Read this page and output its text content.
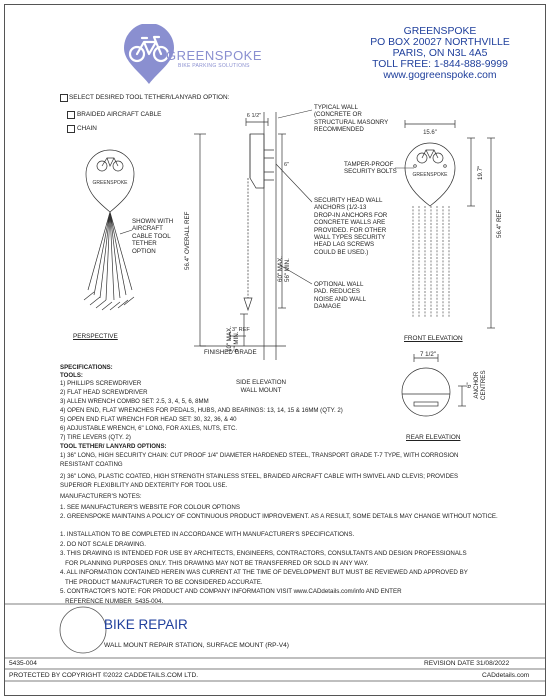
GREENSPOKE
BIKE PARKING SOLUTIONS
GREENSPOKE
PO BOX 20027 NORTHVILLE
PARIS, ON N3L 4A5
TOLL FREE: 1-844-888-9999
www.gogreenspoke.com
SELECT DESIRED TOOL TETHER/LANYARD OPTION:
BRAIDED AIRCRAFT CABLE
CHAIN
GREENSPOKE
SHOWN WITH
AIRCRAFT
CABLE TOOL
TETHER
OPTION
PERSPECTIVE
6 1/2"
6"
3" REF
56.4" OVERALL REF	60" MAX. 56" MIN.
10" MAX. 6" MIN.
FINISHED GRADE
SIDE ELEVATION
WALL MOUNT
TYPICAL WALL
(CONCRETE OR
STRUCTURAL MASONRY
RECOMMENDED
SECURITY HEAD WALL
ANCHORS (1/2-13
DROP-IN ANCHORS FOR
CONCRETE WALLS ARE
PROVIDED. FOR OTHER
WALL TYPES SECURITY
HEAD LAG SCREWS
COULD BE USED.)
OPTIONAL WALL
PAD. REDUCES
NOISE AND WALL
DAMAGE
GREENSPOKE
15.6"
19.7"
56.4" REF
TAMPER-PROOF
SECURITY BOLTS
FRONT ELEVATION
7 1/2"
6" ANCHOR CENTRES
REAR ELEVATION
SPECIFICATIONS:
TOOLS:
1) PHILLIPS SCREWDRIVER
2) FLAT HEAD SCREWDRIVER
3) ALLEN WRENCH COMBO SET: 2.5, 3, 4, 5, 6, 8MM
4) OPEN END, FLAT WRENCHES FOR PEDALS, HUBS, AND BEARINGS: 13, 14, 15 & 16MM (QTY. 2)
5) OPEN END FLAT WRENCH FOR HEAD SET: 30, 32, 36, & 40
6) ADJUSTABLE WRENCH, 6" LONG, FOR AXLES, NUTS, ETC.
7) TIRE LEVERS (QTY. 2)
TOOL TETHER/ LANYARD OPTIONS:
1) 36" LONG, HIGH SECURITY CHAIN: CUT PROOF 1/4" DIAMETER HARDENED STEEL, TRANSPORT GRADE T-7 TYPE, WITH CORROSION
RESISTANT COATING
2) 36" LONG, PLASTIC COATED, HIGH STRENGTH STAINLESS STEEL, BRAIDED AIRCRAFT CABLE WITH SWIVEL AND CLEVIS; PROVIDES
SUPERIOR FLEXIBILITY AND DEXTERITY FOR TOOL USE.
MANUFACTURER'S NOTES:
1. SEE MANUFACTURER'S WEBSITE FOR COLOUR OPTIONS
2. GREENSPOKE MAINTAINS A POLICY OF CONTINUOUS PRODUCT IMPROVEMENT. AS A RESULT, SOME DETAILS MAY CHANGE WITHOUT NOTICE.
1. INSTALLATION TO BE COMPLETED IN ACCORDANCE WITH MANUFACTURER'S SPECIFICATIONS.
2. DO NOT SCALE DRAWING.
3. THIS DRAWING IS INTENDED FOR USE BY ARCHITECTS, ENGINEERS, CONTRACTORS, CONSULTANTS AND DESIGN PROFESSIONALS
FOR PLANNING PURPOSES ONLY. THIS DRAWING MAY NOT BE TRANSFERRED OR SOLD IN ANY WAY.
4. ALL INFORMATION CONTAINED HEREIN WAS CURRENT AT THE TIME OF DEVELOPMENT BUT MUST BE REVIEWED AND APPROVED BY
THE PRODUCT MANUFACTURER TO BE CONSIDERED ACCURATE.
5. CONTRACTOR'S NOTE: FOR PRODUCT AND COMPANY INFORMATION VISIT www.CADdetails.com/info AND ENTER
REFERENCE NUMBER  5435-004.
BIKE REPAIR
WALL MOUNT REPAIR STATION, SURFACE MOUNT (RP-V4)
5435-004	REVISION DATE 31/08/2022
PROTECTED BY COPYRIGHT ©2022 CADDETAILS.COM LTD.	CADdetails.com
